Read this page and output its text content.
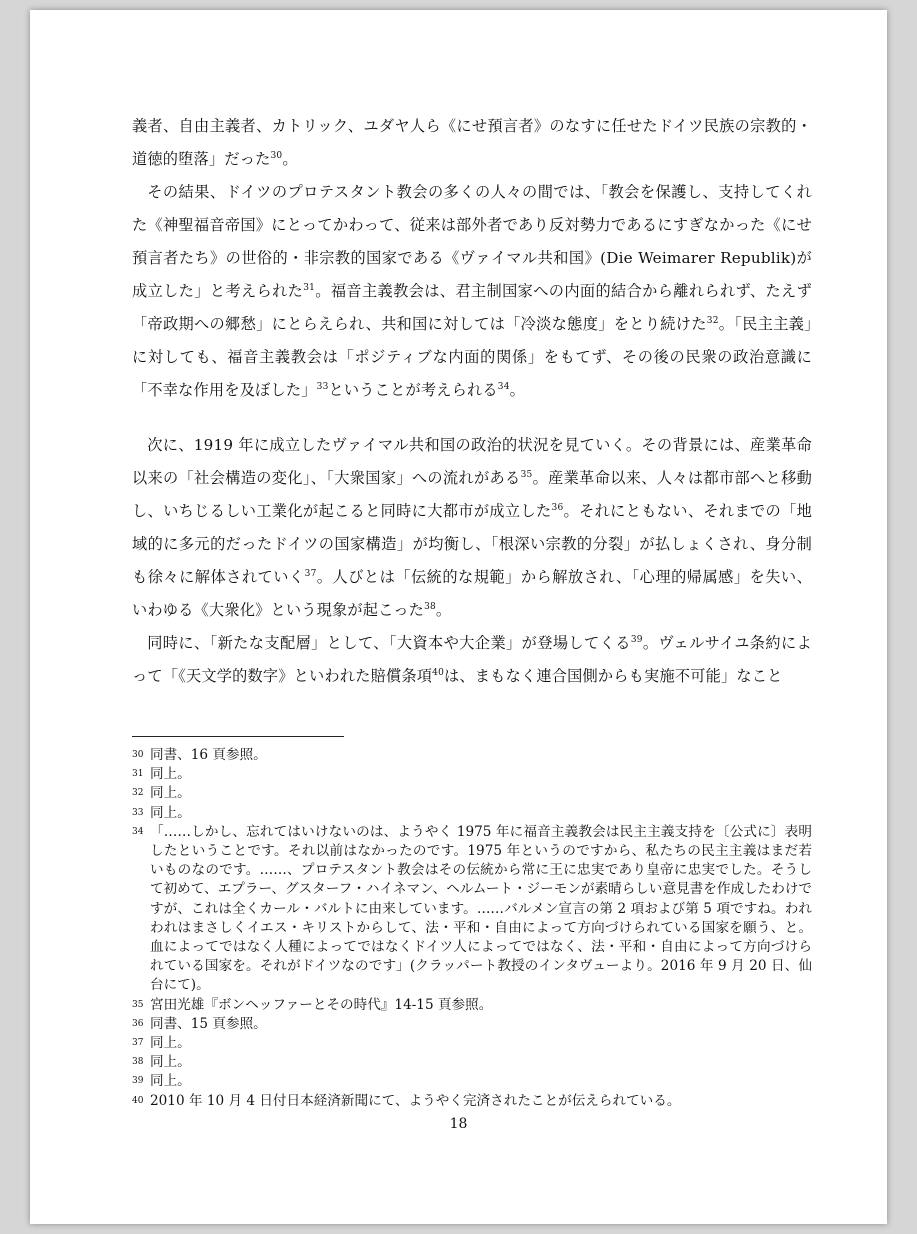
義者、自由主義者、カトリック、ユダヤ人ら《にせ預言者》のなすに任せたドイツ民族の宗教的・道徳的堕落」だった$^{30}$。

その結果、ドイツのプロテスタント教会の多くの人々の間では、「教会を保護し、支持してくれた《神聖福音帝国》にとってかわって、従来は部外者であり反対勢力であるにすぎなかった《にせ預言者たち》の世俗的・非宗教的国家である《ヴァイマル共和国》(Die Weimarer Republik)が成立した」と考えられた$^{31}$。福音主義教会は、君主制国家への内面的結合から離れられず、たえず「帝政期への郷愁」にとらえられ、共和国に対しては「冷淡な態度」をとり続けた$^{32}$。「民主主義」に対しても、福音主義教会は「ポジティブな内面的関係」をもてず、その後の民衆の政治意識に「不幸な作用を及ぼした」$^{33}$ということが考えられる$^{34}$。

次に、1919 年に成立したヴァイマル共和国の政治的状況を見ていく。その背景には、産業革命以来の「社会構造の変化」、「大衆国家」への流れがある$^{35}$。産業革命以来、人々は都市部へと移動し、いちじるしい工業化が起こると同時に大都市が成立した$^{36}$。それにともない、それまでの「地域的に多元的だったドイツの国家構造」が均衡し、「根深い宗教的分裂」が払しょくされ、身分制も徐々に解体されていく$^{37}$。人びとは「伝統的な規範」から解放され、「心理的帰属感」を失い、いわゆる《大衆化》という現象が起こった$^{38}$。

同時に、「新たな支配層」として、「大資本や大企業」が登場してくる$^{39}$。ヴェルサイユ条約によって「《天文学的数字》といわれた賠償条項$^{40}$は、まもなく連合国側からも実施不可能」なこと

30 同書、16 頁参照。
31 同上。
32 同上。
33 同上。
34 「……しかし、忘れてはいけないのは、ようやく 1975 年に福音主義教会は民主主義支持を〔公式に〕表明したということです。それ以前はなかったのです。1975 年というのですから、私たちの民主主義はまだ若いものなのです。……、プロテスタント教会はその伝統から常に王に忠実であり皇帝に忠実でした。そうして初めて、エプラー、グスターフ・ハイネマン、ヘルムート・ジーモンが素晴らしい意見書を作成したわけですが、これは全くカール・バルトに由来しています。……バルメン宣言の第 2 項および第 5 項ですね。われわれはまさしくイエス・キリストからして、法・平和・自由によって方向づけられている国家を願う、と。血によってではなく人種によってではなくドイツ人によってではなく、法・平和・自由によって方向づけられている国家を。それがドイツなのです」(クラッパート教授のインタヴューより。2016 年 9 月 20 日、仙台にて)。
35 宮田光雄『ボンヘッファーとその時代』14-15 頁参照。
36 同書、15 頁参照。
37 同上。
38 同上。
39 同上。
40 2010 年 10 月 4 日付日本経済新聞にて、ようやく完済されたことが伝えられている。
18
